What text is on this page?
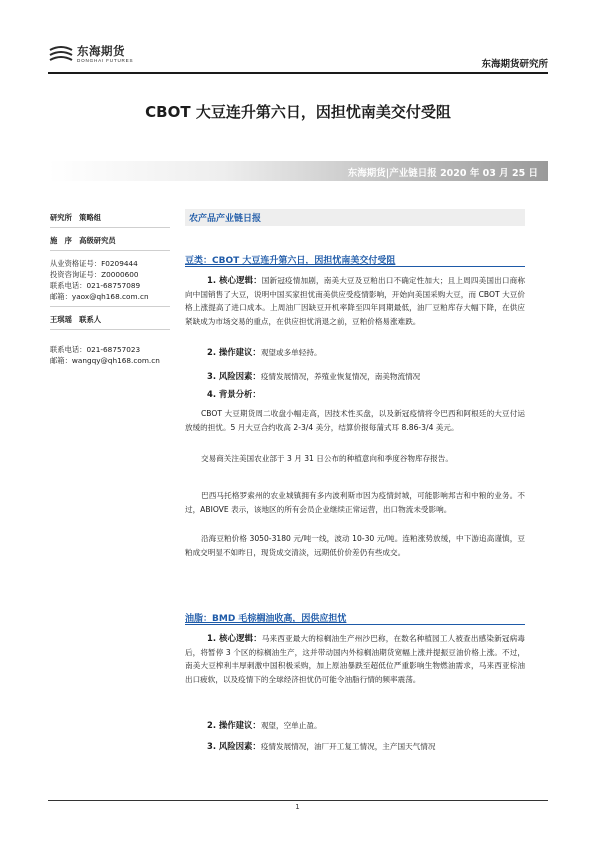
东海期货
DONGHAI FUTURES	东海期货研究所
CBOT 大豆连升第六日，因担忧南美交付受阻
东海期货|产业链日报 2020 年 03 月 25 日

研究所　策略组

施　序　高级研究员

从业资格证号：F0209444

投资咨询证号：Z0000600

联系电话：021-68757089

邮箱：yaox@qh168.com.cn

王琪瑶　联系人

联系电话：021-68757023

邮箱：wangqy@qh168.com.cn

农产品产业链日报
豆类：CBOT 大豆连升第六日，因担忧南美交付受阻

1. 核心逻辑：国新冠疫情加剧，南美大豆及豆粕出口不确定性加大；且上周四美国出口商称向中国销售了大豆，说明中国买家担忧南美供应受疫情影响，开始向美国采购大豆，而 CBOT 大豆价格上涨提高了进口成本。上周油厂因缺豆开机率降至四年同期最低，油厂豆粕库存大幅下降，在供应紧缺成为市场交易的重点，在供应担忧消退之前，豆粕价格易涨难跌。

2. 操作建议：观望或多单轻持。

3. 风险因素：疫情发展情况，养殖业恢复情况，南美物流情况

4. 背景分析：

CBOT 大豆期货周二收盘小幅走高，因技术性买盘，以及新冠疫情将令巴西和阿根廷的大豆付运放缓的担忧。5 月大豆合约收高 2-3/4 美分，结算价报每蒲式耳 8.86-3/4 美元。

交易商关注美国农业部于 3 月 31 日公布的种植意向和季度谷物库存报告。

巴西马托格罗索州的农业城镇拥有多内波利斯市因为疫情封城，可能影响邦吉和中粮的业务。不过，ABIOVE 表示，该地区的所有会员企业继续正常运营，出口物流未受影响。

沿海豆粕价格 3050-3180 元/吨一线，波动 10-30 元/吨。连粕涨势放缓，中下游追高谨慎，豆粕成交明显不如昨日，现货成交清淡，远期低价价差仍有些成交。

油脂：BMD 毛棕榈油收高，因供应担忧

1. 核心逻辑：马来西亚最大的棕榈油生产州沙巴称，在数名种植园工人被查出感染新冠病毒后，将暂停 3 个区的棕榈油生产，这并带动国内外棕榈油期货宽幅上涨并提振豆油价格上涨。不过，南美大豆榨利丰厚刺激中国积极采购，加上原油暴跌至超低位严重影响生物燃油需求，马来西亚棕油出口疲软，以及疫情下的全球经济担忧仍可能令油脂行情的频率震荡。

2. 操作建议：观望，空单止盈。

3. 风险因素：疫情发展情况，油厂开工复工情况，主产国天气情况

1
